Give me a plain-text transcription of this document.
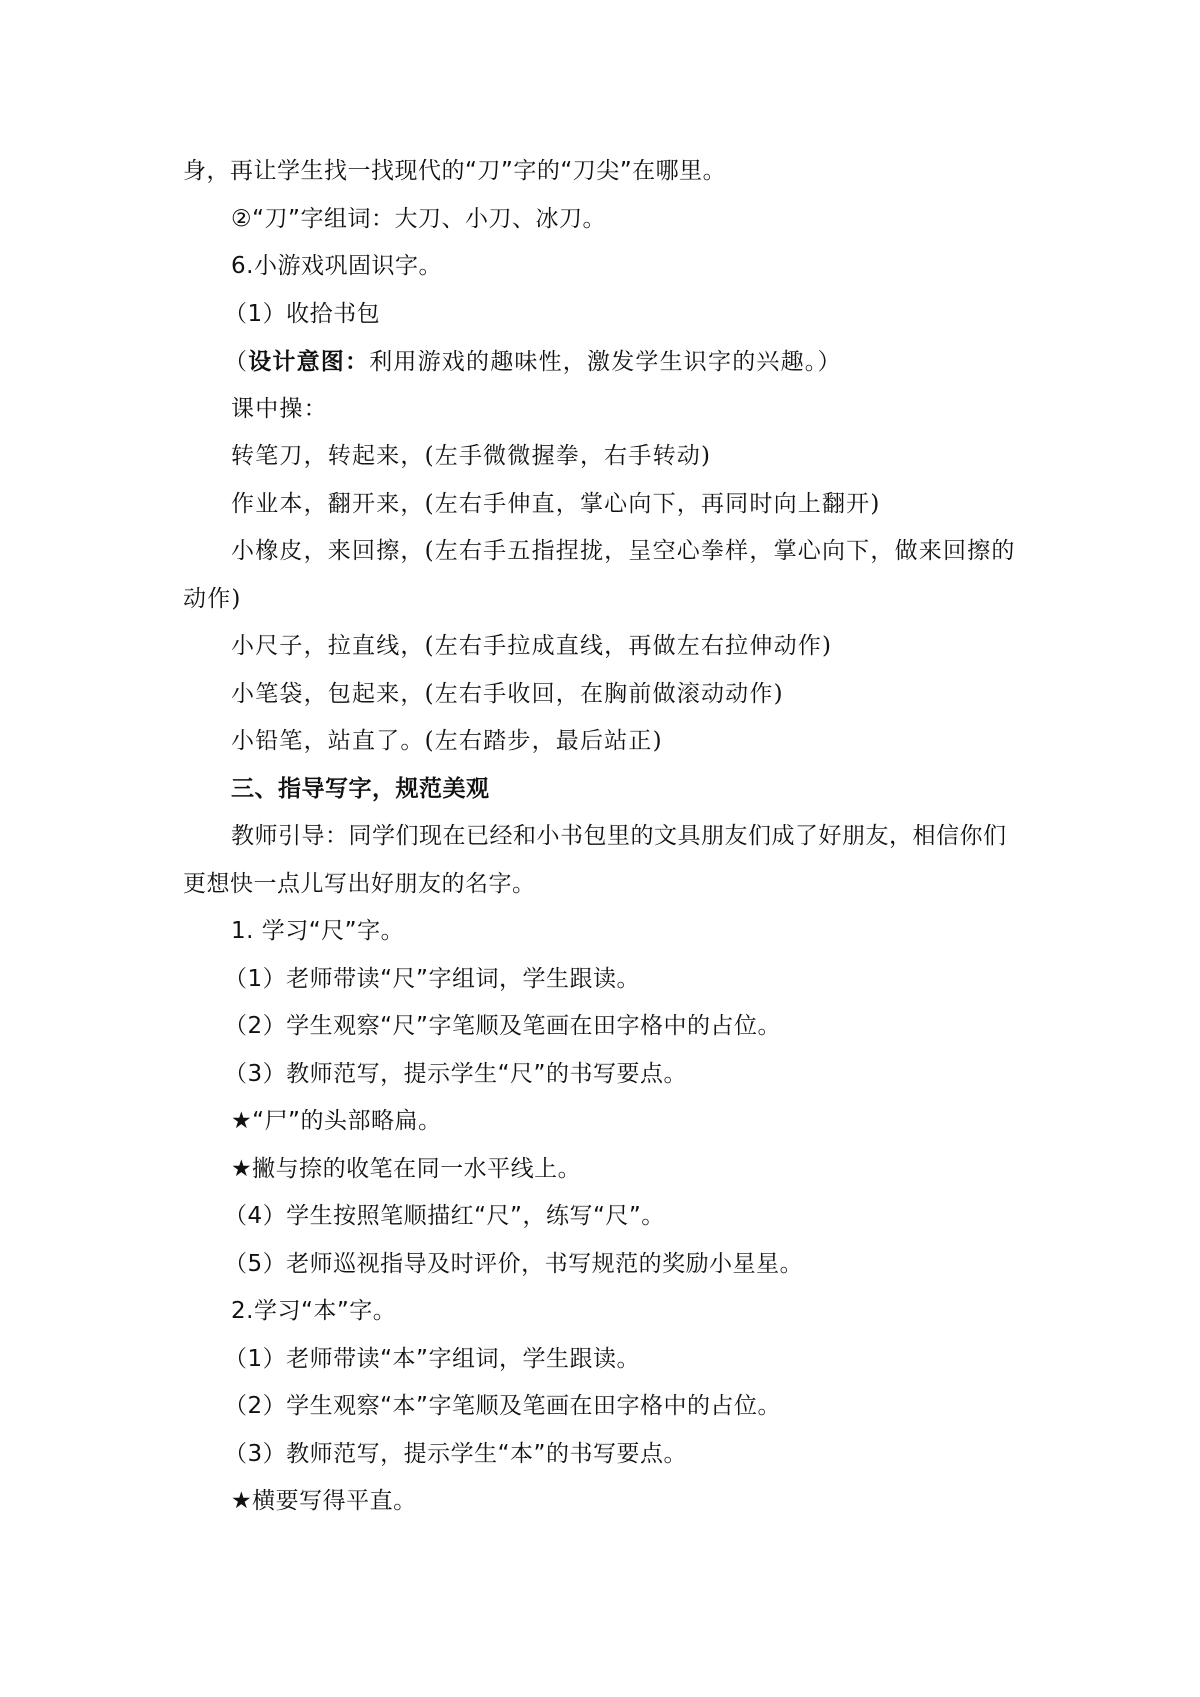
身，再让学生找一找现代的“刀”字的“刀尖”在哪里。
②“刀”字组词：大刀、小刀、冰刀。
6.小游戏巩固识字。
（1）收拾书包
（设计意图：利用游戏的趣味性，激发学生识字的兴趣。）
课中操：
转笔刀，转起来，(左手微微握拳，右手转动)
作业本，翻开来，(左右手伸直，掌心向下，再同时向上翻开)
小橡皮，来回擦，(左右手五指捏拢，呈空心拳样，掌心向下，做来回擦的
动作)
小尺子，拉直线，(左右手拉成直线，再做左右拉伸动作)
小笔袋，包起来，(左右手收回，在胸前做滚动动作)
小铅笔，站直了。(左右踏步，最后站正)
三、指导写字，规范美观
教师引导：同学们现在已经和小书包里的文具朋友们成了好朋友，相信你们
更想快一点儿写出好朋友的名字。
1. 学习“尺”字。
（1）老师带读“尺”字组词，学生跟读。
（2）学生观察“尺”字笔顺及笔画在田字格中的占位。
（3）教师范写，提示学生“尺”的书写要点。
★“尸”的头部略扁。
★撇与捺的收笔在同一水平线上。
（4）学生按照笔顺描红“尺”，练写“尺”。
（5）老师巡视指导及时评价，书写规范的奖励小星星。
2.学习“本”字。
（1）老师带读“本”字组词，学生跟读。
（2）学生观察“本”字笔顺及笔画在田字格中的占位。
（3）教师范写，提示学生“本”的书写要点。
★横要写得平直。
